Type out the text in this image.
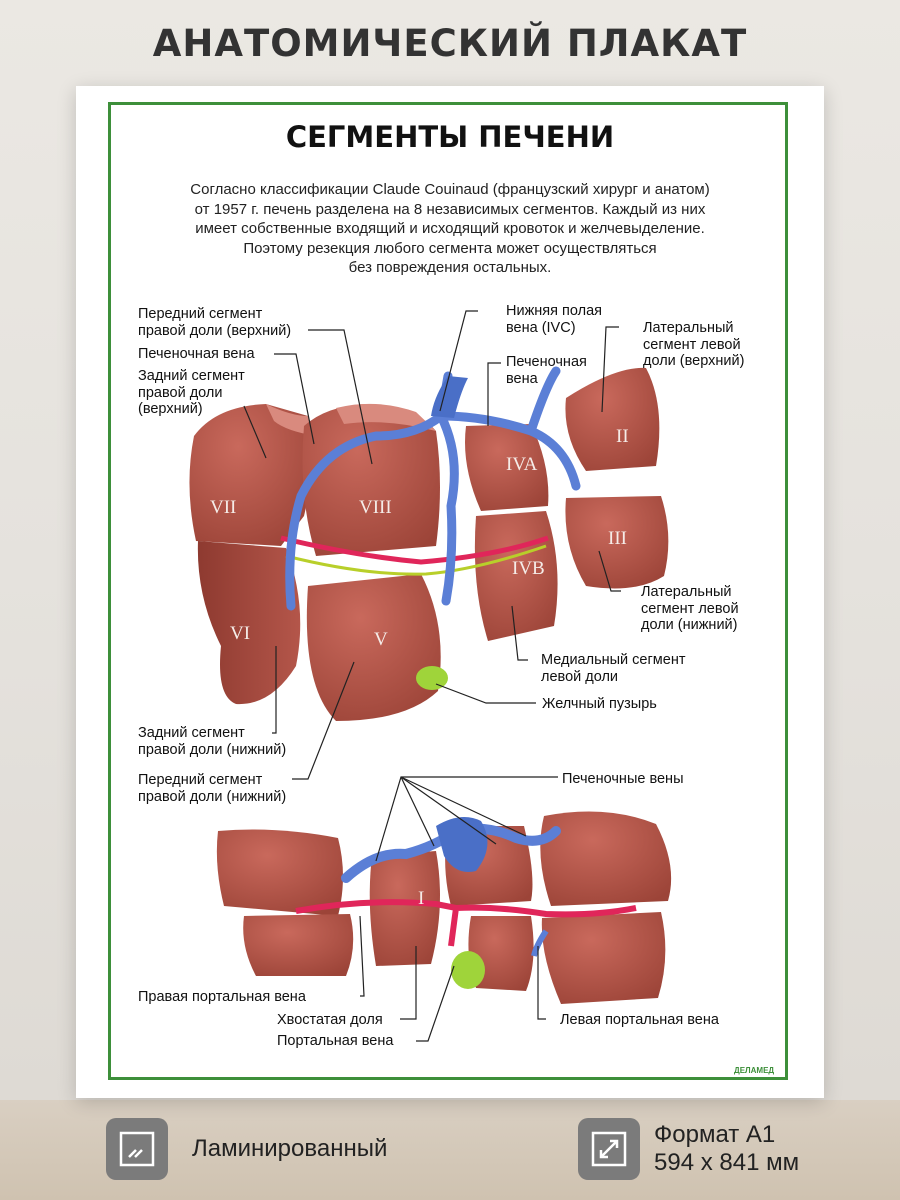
АНАТОМИЧЕСКИЙ ПЛАКАТ
СЕГМЕНТЫ ПЕЧЕНИ
Согласно классификации Claude Couinaud (французский хирург и анатом)
от 1957 г. печень разделена на 8 независимых сегментов. Каждый из них
имеет собственные входящий и исходящий кровоток и желчевыделение.
Поэтому резекция любого сегмента может осуществляться
без повреждения остальных.
VII	VIII
VI	V
IVA
IVB
II
III
I
Передний сегмент
правой доли (верхний)
Печеночная вена
Задний сегмент
правой доли
(верхний)
Нижняя полая
вена (IVC)
Печеночная
вена
Латеральный
сегмент левой
доли (верхний)
Латеральный
сегмент левой
доли (нижний)
Медиальный сегмент
левой доли
Желчный пузырь
Задний сегмент
правой доли (нижний)
Передний сегмент
правой доли (нижний)
Печеночные вены
Правая портальная вена
Хвостатая доля
Портальная вена
Левая портальная вена
ДЕЛАМЕД
Ламинированный
Формат А1
594 х 841 мм
